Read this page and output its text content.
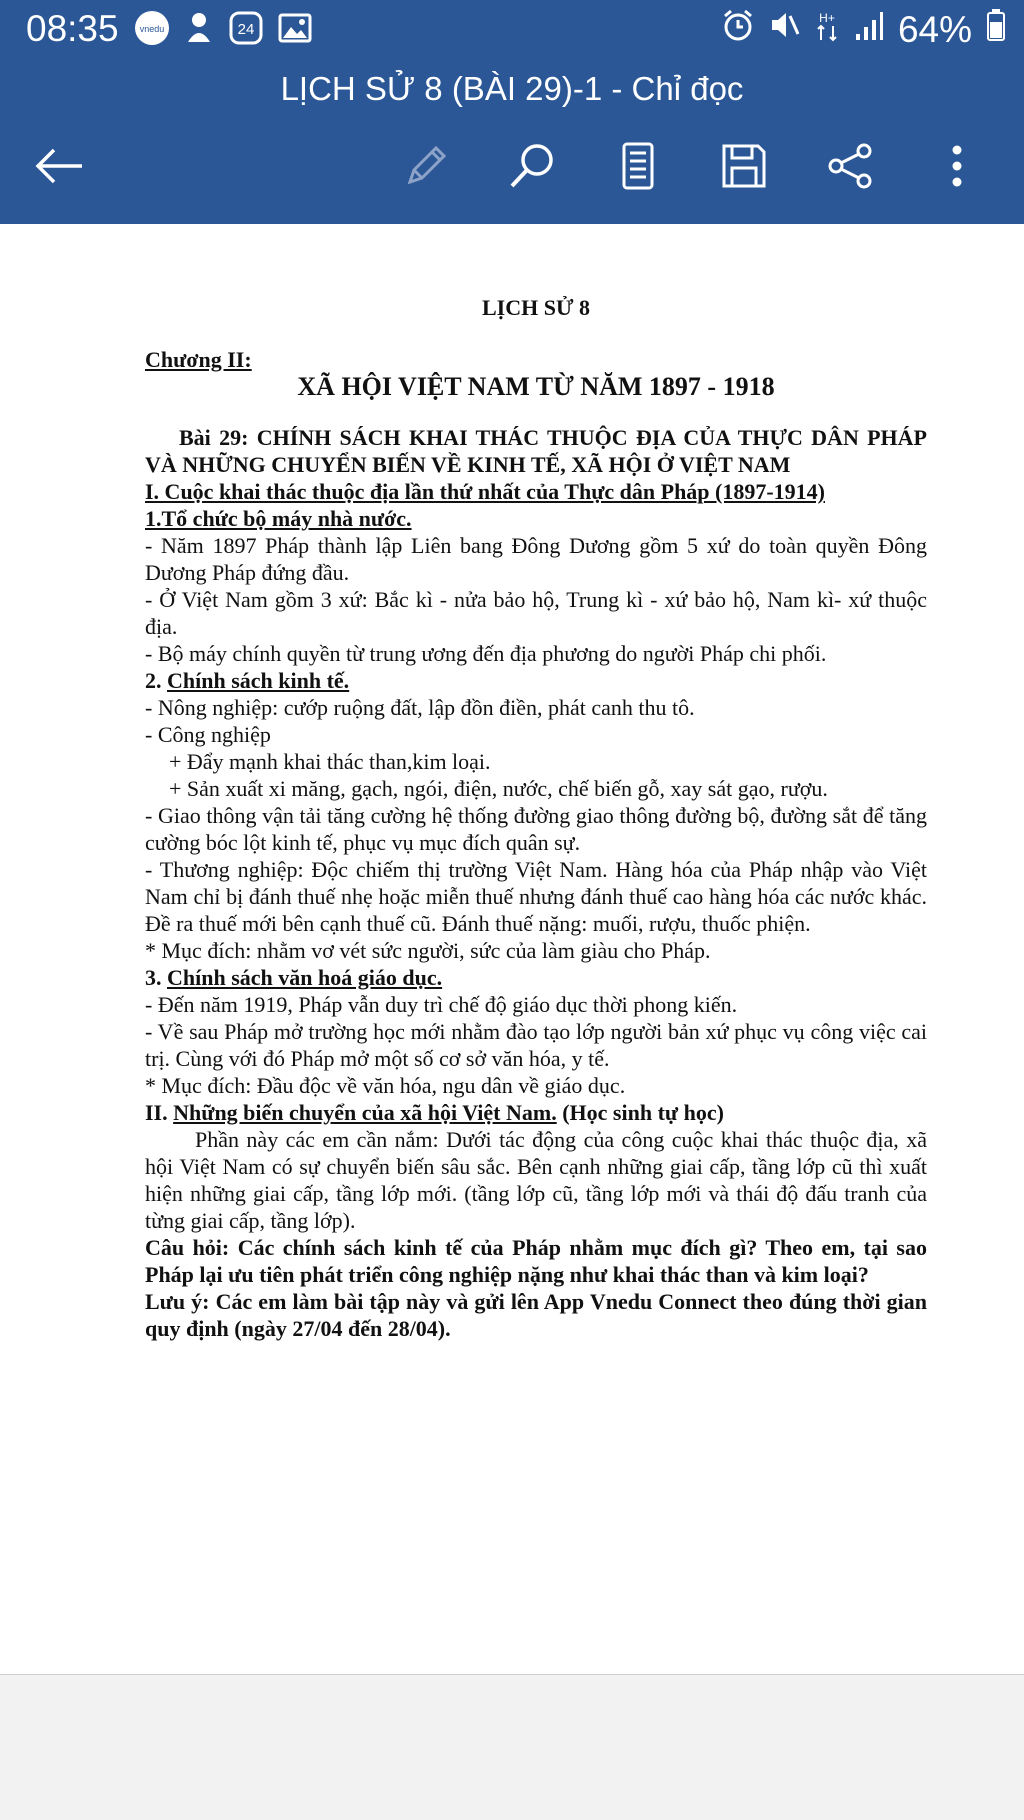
08:35 vnedu	24
H+ 64%
LỊCH SỬ 8 (BÀI 29)-1 - Chỉ đọc

LỊCH SỬ 8

Chương II:

XÃ HỘI VIỆT NAM TỪ NĂM 1897 - 1918

Bài 29: CHÍNH SÁCH KHAI THÁC THUỘC ĐỊA CỦA THỰC DÂN PHÁP VÀ NHỮNG CHUYỂN BIẾN VỀ KINH TẾ, XÃ HỘI Ở VIỆT NAM

I. Cuộc khai thác thuộc địa lần thứ nhất của Thực dân Pháp (1897-1914)

1.Tổ chức bộ máy nhà nước.

- Năm 1897 Pháp thành lập Liên bang Đông Dương gồm 5 xứ do toàn quyền Đông Dương Pháp đứng đầu.

- Ở Việt Nam gồm 3 xứ: Bắc kì - nửa bảo hộ, Trung kì - xứ bảo hộ, Nam kì- xứ thuộc địa.

- Bộ máy chính quyền từ trung ương đến địa phương do người Pháp chi phối.

2. Chính sách kinh tế.

- Nông nghiệp: cướp ruộng đất, lập đồn điền, phát canh thu tô.

- Công nghiệp

+ Đẩy mạnh khai thác than,kim loại.

+ Sản xuất xi măng, gạch, ngói, điện, nước, chế biến gỗ, xay sát gạo, rượu.

- Giao thông vận tải tăng cường hệ thống đường giao thông đường bộ, đường sắt để tăng cường bóc lột kinh tế, phục vụ mục đích quân sự.

- Thương nghiệp: Độc chiếm thị trường Việt Nam. Hàng hóa của Pháp nhập vào Việt Nam chỉ bị đánh thuế nhẹ hoặc miễn thuế nhưng đánh thuế cao hàng hóa các nước khác. Đề ra thuế mới bên cạnh thuế cũ. Đánh thuế nặng: muối, rượu, thuốc phiện.

* Mục đích: nhằm vơ vét sức người, sức của làm giàu cho Pháp.

3. Chính sách văn hoá giáo dục.

- Đến năm 1919, Pháp vẫn duy trì chế độ giáo dục thời phong kiến.

- Về sau Pháp mở trường học mới nhằm đào tạo lớp người bản xứ phục vụ công việc cai trị. Cùng với đó Pháp mở một số cơ sở văn hóa, y tế.

* Mục đích: Đầu độc về văn hóa, ngu dân về giáo dục.

II. Những biến chuyển của xã hội Việt Nam. (Học sinh tự học)

Phần này các em cần nắm: Dưới tác động của công cuộc khai thác thuộc địa, xã hội Việt Nam có sự chuyển biến sâu sắc. Bên cạnh những giai cấp, tầng lớp cũ thì xuất hiện những giai cấp, tầng lớp mới. (tầng lớp cũ, tầng lớp mới và thái độ đấu tranh của từng giai cấp, tầng lớp).

Câu hỏi: Các chính sách kinh tế của Pháp nhằm mục đích gì? Theo em, tại sao Pháp lại ưu tiên phát triển công nghiệp nặng như khai thác than và kim loại?

Lưu ý: Các em làm bài tập này và gửi lên App Vnedu Connect theo đúng thời gian quy định (ngày 27/04 đến 28/04).
